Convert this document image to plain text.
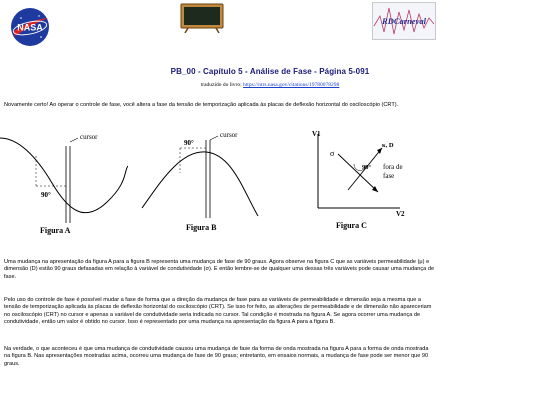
NASA
RDCarneval
PB_00 - Capítulo 5 - Análise de Fase - Página 5-091
traduzido do livro: https://ntrs.nasa.gov/citations/19780078298
Novamente certo! Ao operar o controle de fase, você altera a fase da tensão de temporização aplicada às placas de deflexão horizontal do osciloscópio (CRT).
cursor
90°
Figura A
cursor
90°
Figura B
V1
V2
σ
κ, D
90° fora de
fase
Figura C
Uma mudança na apresentação da figura A para a figura B representa uma mudança de fase de 90 graus. Agora observe na figura C que as variáveis permeabilidade (μ) e dimensão (D) estão 90 graus defasadas em relação à variável de condutividade (σ). E então lembre-se de qualquer uma dessas três variáveis pode causar uma mudança de fase.
Pelo uso do controle de fase é possível mudar a fase de forma que a direção da mudança de fase para as variáveis de permeabilidade e dimensão seja a mesma que a tensão de temporização aplicada às placas de deflexão horizontal do osciloscópio (CRT). Se isso for feito, as alterações de permeabilidade e de dimensão não apareceriam no osciloscópio (CRT) no cursor e apenas a variável de condutividade seria indicada no cursor. Tal condição é mostrada na figura A. Se agora ocorrer uma mudança de condutividade, então um valor é obtido no cursor. Isso é representado por uma mudança na apresentação da figura A para a figura B.
Na verdade, o que aconteceu é que uma mudança de condutividade causou uma mudança de fase da forma de onda mostrada na figura A para a forma de onda mostrada na figura B. Nas apresentações mostradas acima, ocorreu uma mudança de fase de 90 graus; entretanto, em ensaios normais, a mudança de fase pode ser menor que 90 graus.
